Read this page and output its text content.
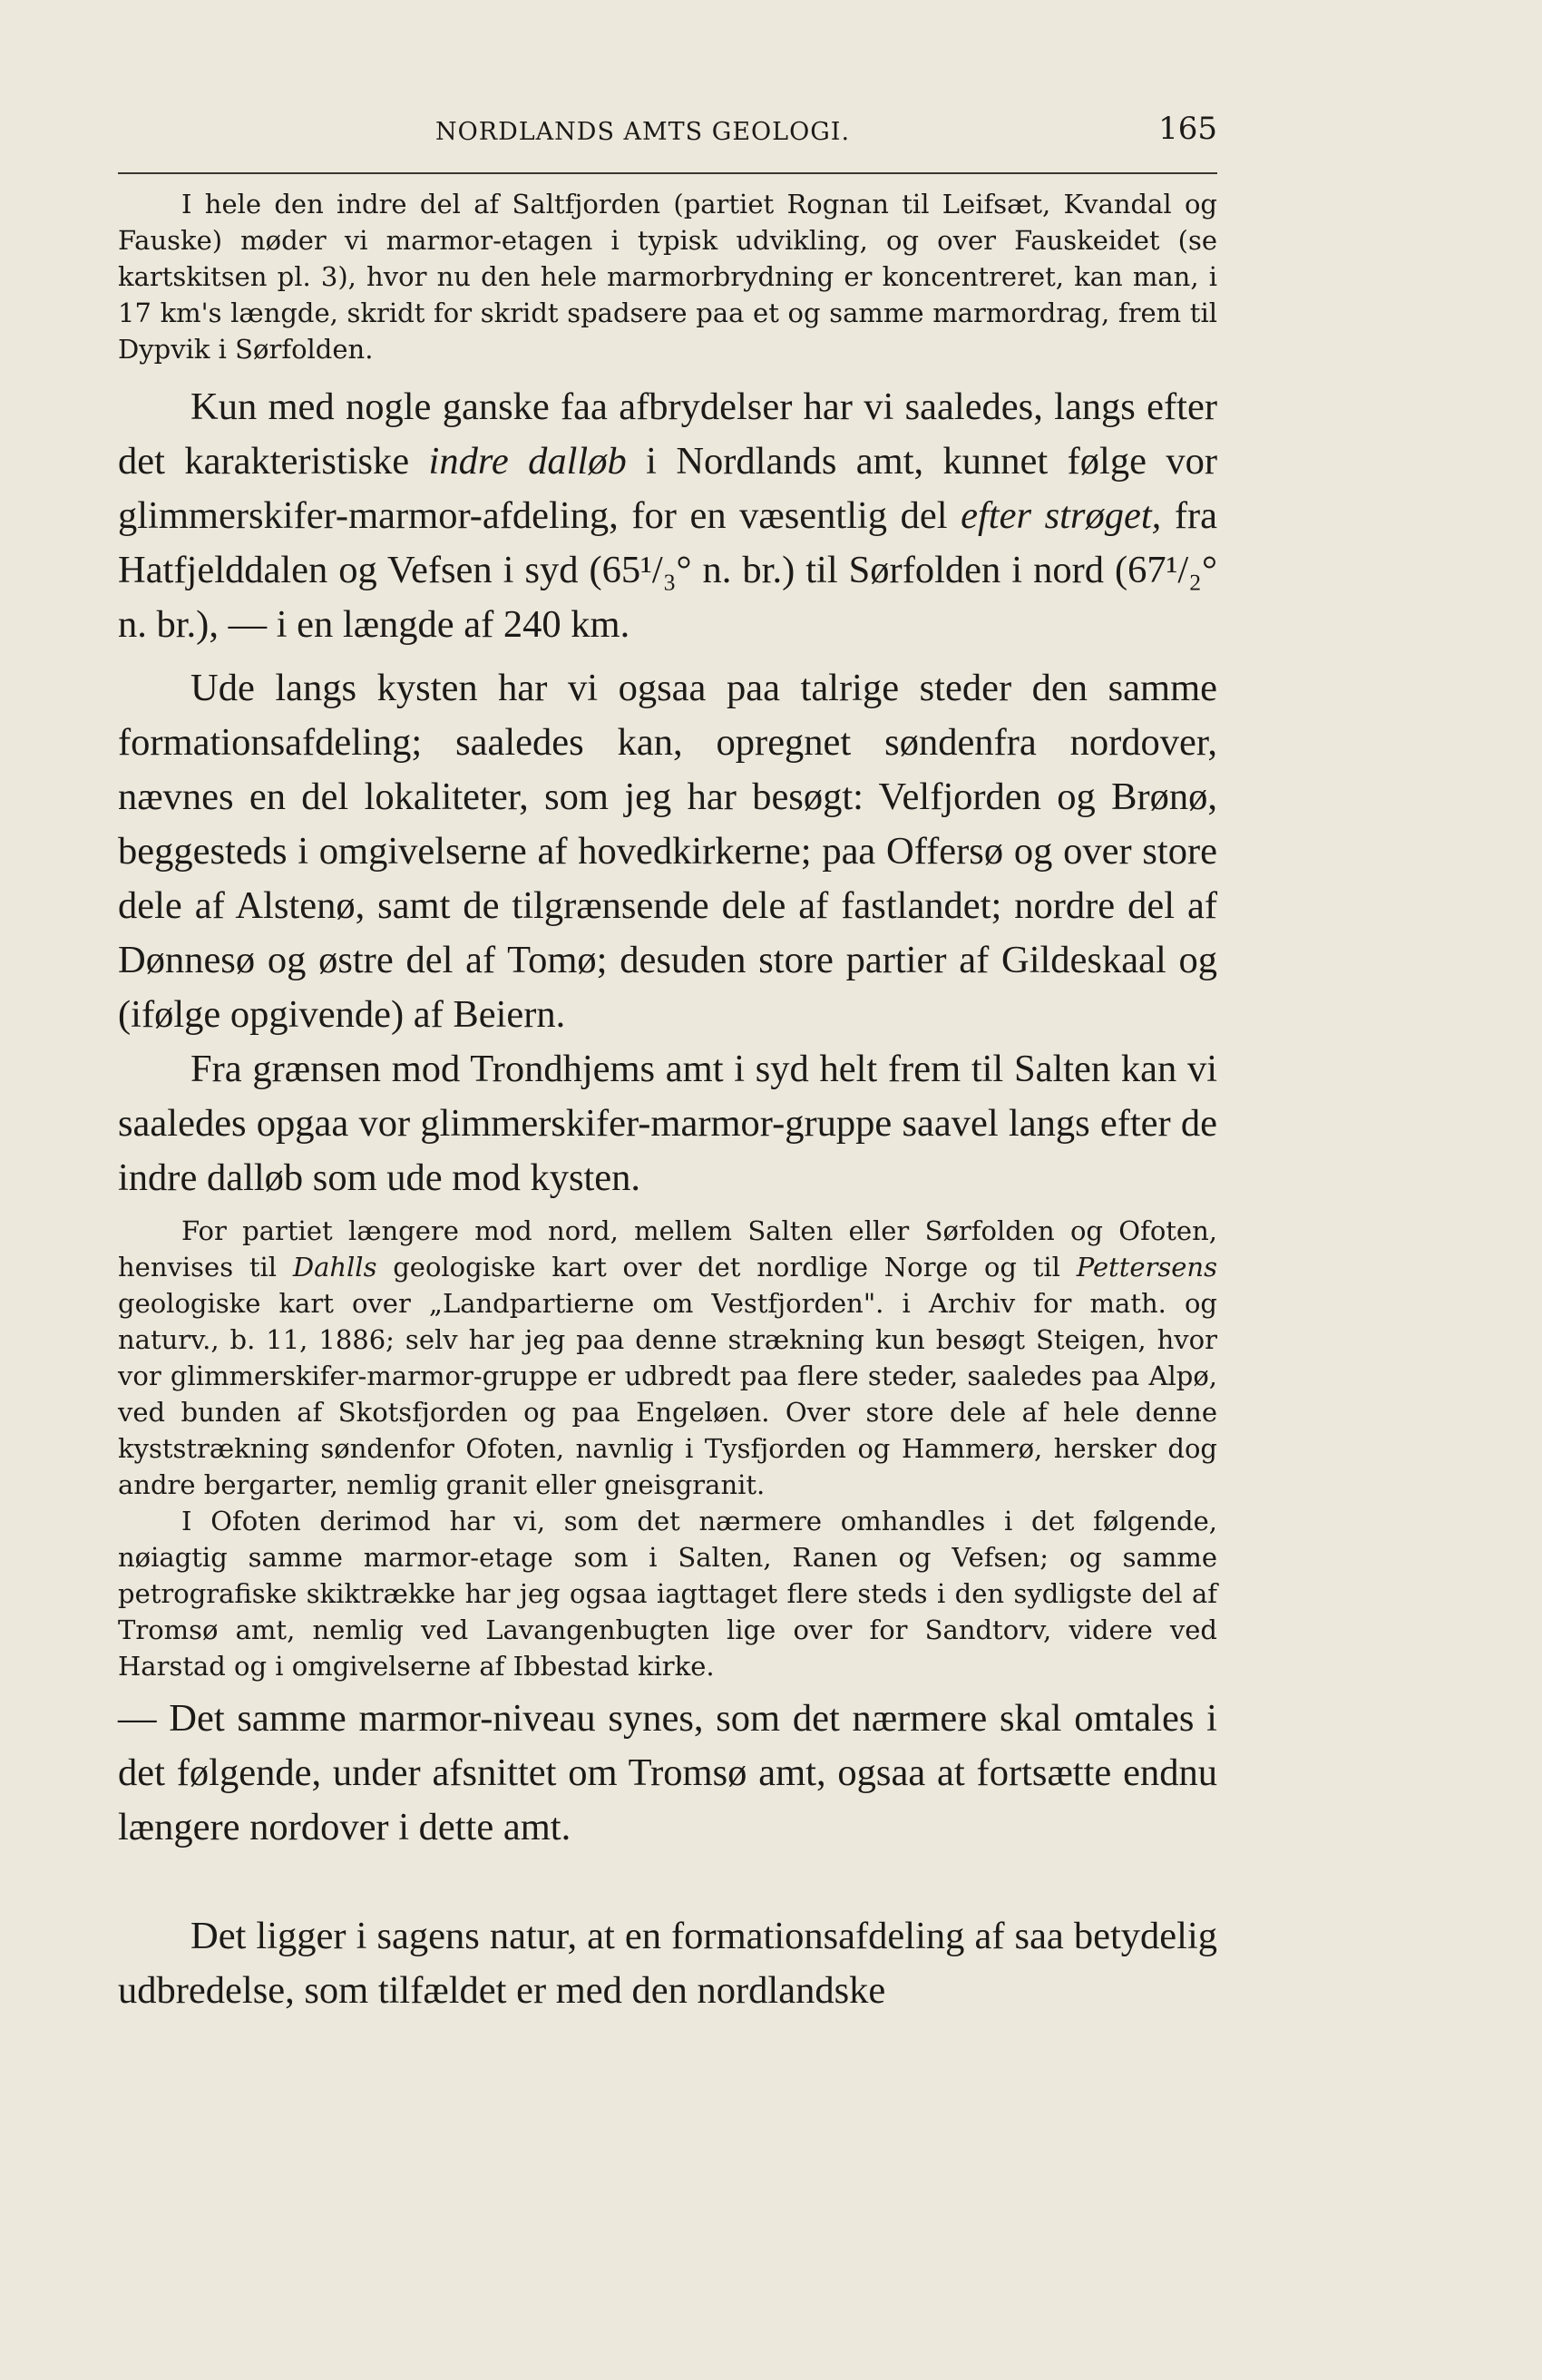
NORDLANDS AMTS GEOLOGI.	165

I hele den indre del af Saltfjorden (partiet Rognan til Leifsæt, Kvandal og Fauske) møder vi marmor-etagen i typisk udvikling, og over Fauskeidet (se kartskitsen pl. 3), hvor nu den hele marmorbrydning er koncentreret, kan man, i 17 km's længde, skridt for skridt spadsere paa et og samme marmordrag, frem til Dypvik i Sørfolden.

Kun med nogle ganske faa afbrydelser har vi saaledes, langs efter det karakteristiske indre dalløb i Nordlands amt, kunnet følge vor glimmerskifer-marmor-afdeling, for en væsentlig del efter strøget, fra Hatfjelddalen og Vefsen i syd (65¹/₃° n. br.) til Sørfolden i nord (67¹/₂° n. br.), — i en længde af 240 km.

Ude langs kysten har vi ogsaa paa talrige steder den samme formationsafdeling; saaledes kan, opregnet søndenfra nordover, nævnes en del lokaliteter, som jeg har besøgt: Velfjorden og Brønø, beggesteds i omgivelserne af hovedkirkerne; paa Offersø og over store dele af Alstenø, samt de tilgrænsende dele af fastlandet; nordre del af Dønnesø og østre del af Tomø; desuden store partier af Gildeskaal og (ifølge opgivende) af Beiern.

Fra grænsen mod Trondhjems amt i syd helt frem til Salten kan vi saaledes opgaa vor glimmerskifer-marmor-gruppe saavel langs efter de indre dalløb som ude mod kysten.

For partiet længere mod nord, mellem Salten eller Sørfolden og Ofoten, henvises til Dahlls geologiske kart over det nordlige Norge og til Pettersens geologiske kart over „Landpartierne om Vestfjorden". i Archiv for math. og naturv., b. 11, 1886; selv har jeg paa denne strækning kun besøgt Steigen, hvor vor glimmerskifer-marmor-gruppe er udbredt paa flere steder, saaledes paa Alpø, ved bunden af Skotsfjorden og paa Engeløen. Over store dele af hele denne kyststrækning søndenfor Ofoten, navnlig i Tysfjorden og Hammerø, hersker dog andre bergarter, nemlig granit eller gneisgranit.

I Ofoten derimod har vi, som det nærmere omhandles i det følgende, nøiagtig samme marmor-etage som i Salten, Ranen og Vefsen; og samme petrografiske skiktrække har jeg ogsaa iagttaget flere steds i den sydligste del af Tromsø amt, nemlig ved Lavangenbugten lige over for Sandtorv, videre ved Harstad og i omgivelserne af Ibbestad kirke.

— Det samme marmor-niveau synes, som det nærmere skal omtales i det følgende, under afsnittet om Tromsø amt, ogsaa at fortsætte endnu længere nordover i dette amt.

Det ligger i sagens natur, at en formationsafdeling af saa betydelig udbredelse, som tilfældet er med den nordlandske
